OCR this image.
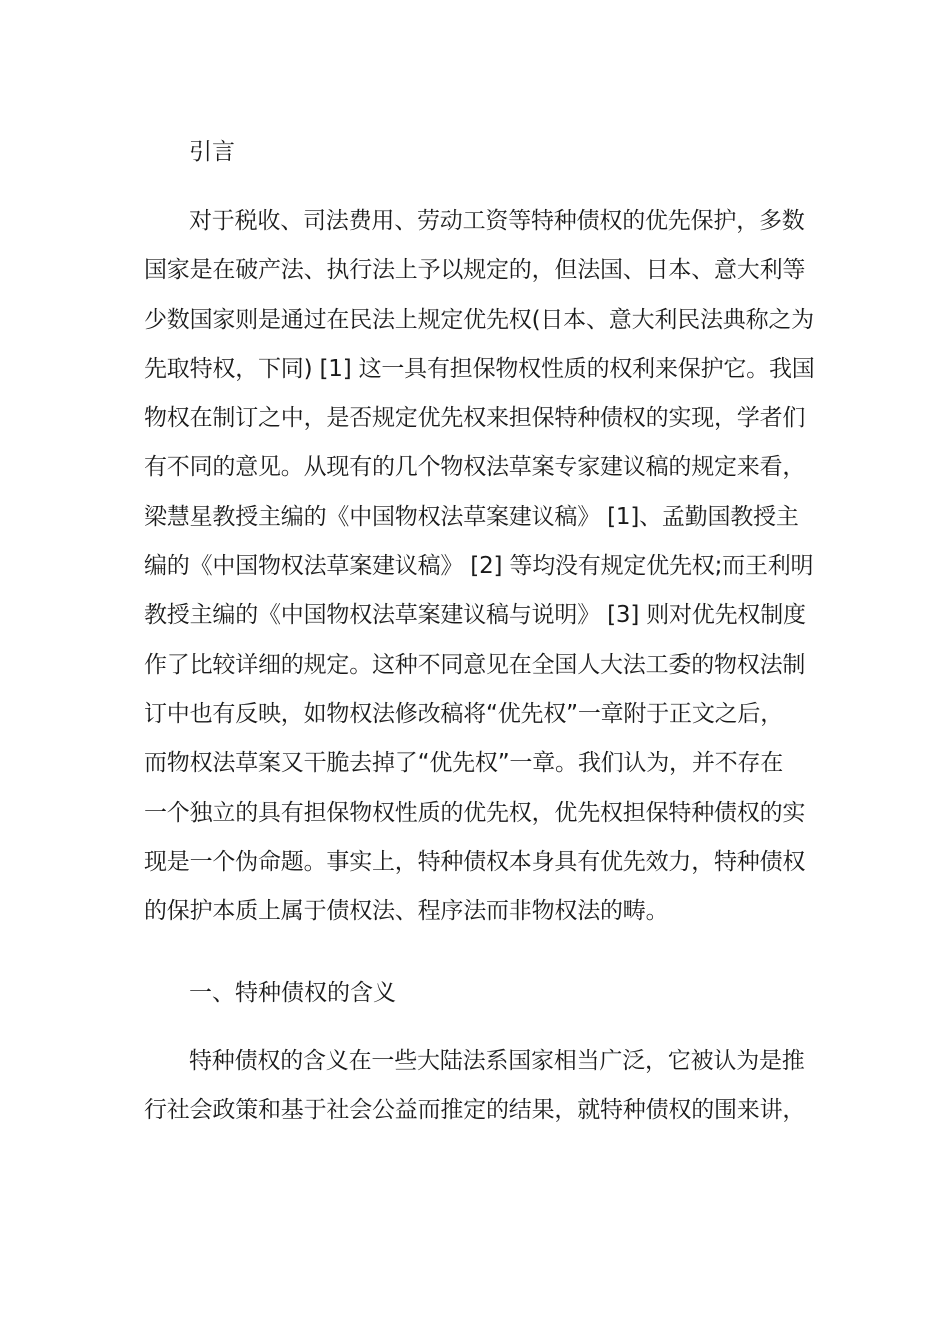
引言
对于税收、司法费用、劳动工资等特种债权的优先保护，多数
国家是在破产法、执行法上予以规定的，但法国、日本、意大利等
少数国家则是通过在民法上规定优先权(日本、意大利民法典称之为
先取特权，下同) [1] 这一具有担保物权性质的权利来保护它。我国
物权在制订之中，是否规定优先权来担保特种债权的实现，学者们
有不同的意见。从现有的几个物权法草案专家建议稿的规定来看，
梁慧星教授主编的《中国物权法草案建议稿》 [1]、孟勤国教授主
编的《中国物权法草案建议稿》 [2] 等均没有规定优先权;而王利明
教授主编的《中国物权法草案建议稿与说明》 [3] 则对优先权制度
作了比较详细的规定。这种不同意见在全国人大法工委的物权法制
订中也有反映，如物权法修改稿将“优先权”一章附于正文之后，
而物权法草案又干脆去掉了“优先权”一章。我们认为，并不存在
一个独立的具有担保物权性质的优先权，优先权担保特种债权的实
现是一个伪命题。事实上，特种债权本身具有优先效力，特种债权
的保护本质上属于债权法、程序法而非物权法的畴。
一、特种债权的含义
特种债权的含义在一些大陆法系国家相当广泛，它被认为是推
行社会政策和基于社会公益而推定的结果，就特种债权的围来讲，
